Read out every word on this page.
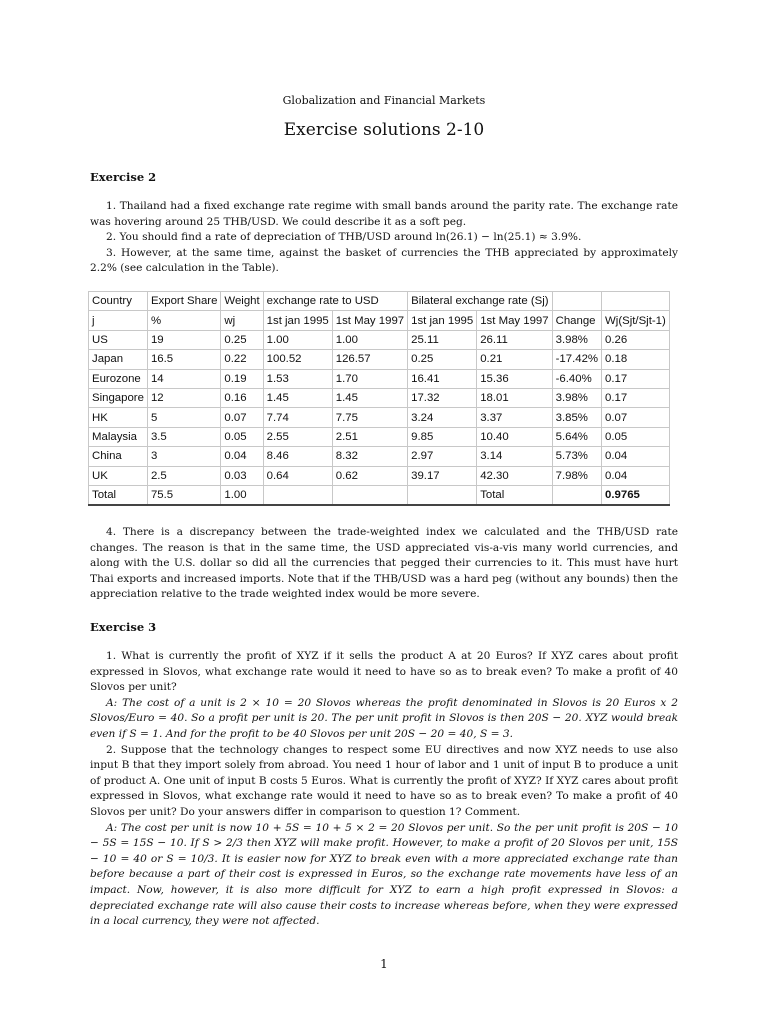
Globalization and Financial Markets
Exercise solutions 2-10
Exercise 2

1. Thailand had a fixed exchange rate regime with small bands around the parity rate. The exchange rate was hovering around 25 THB/USD. We could describe it as a soft peg.

2. You should find a rate of depreciation of THB/USD around ln(26.1) − ln(25.1) ≈ 3.9%.

3. However, at the same time, against the basket of currencies the THB appreciated by approximately 2.2% (see calculation in the Table).

Country	Export Share	Weight	exchange rate to USD		Bilateral exchange rate (Sj)			
j	%	wj	1st jan 1995	1st May 1997	1st jan 1995	1st May 1997	Change	Wj(Sjt/Sjt-1)
US	19	0.25	1.00	1.00	25.11	26.11	3.98%	0.26
Japan	16.5	0.22	100.52	126.57	0.25	0.21	-17.42%	0.18
Eurozone	14	0.19	1.53	1.70	16.41	15.36	-6.40%	0.17
Singapore	12	0.16	1.45	1.45	17.32	18.01	3.98%	0.17
HK	5	0.07	7.74	7.75	3.24	3.37	3.85%	0.07
Malaysia	3.5	0.05	2.55	2.51	9.85	10.40	5.64%	0.05
China	3	0.04	8.46	8.32	2.97	3.14	5.73%	0.04
UK	2.5	0.03	0.64	0.62	39.17	42.30	7.98%	0.04
Total	75.5	1.00				Total		0.9765

4. There is a discrepancy between the trade-weighted index we calculated and the THB/USD rate changes. The reason is that in the same time, the USD appreciated vis-a-vis many world currencies, and along with the U.S. dollar so did all the currencies that pegged their currencies to it. This must have hurt Thai exports and increased imports. Note that if the THB/USD was a hard peg (without any bounds) then the appreciation relative to the trade weighted index would be more severe.

Exercise 3

1. What is currently the profit of XYZ if it sells the product A at 20 Euros? If XYZ cares about profit expressed in Slovos, what exchange rate would it need to have so as to break even? To make a profit of 40 Slovos per unit?

A: The cost of a unit is 2 × 10 = 20 Slovos whereas the profit denominated in Slovos is 20 Euros x 2 Slovos/Euro = 40. So a profit per unit is 20. The per unit profit in Slovos is then 20S − 20. XYZ would break even if S = 1. And for the profit to be 40 Slovos per unit 20S − 20 = 40, S = 3.

2. Suppose that the technology changes to respect some EU directives and now XYZ needs to use also input B that they import solely from abroad. You need 1 hour of labor and 1 unit of input B to produce a unit of product A. One unit of input B costs 5 Euros. What is currently the profit of XYZ? If XYZ cares about profit expressed in Slovos, what exchange rate would it need to have so as to break even? To make a profit of 40 Slovos per unit? Do your answers differ in comparison to question 1? Comment.

A: The cost per unit is now 10 + 5S = 10 + 5 × 2 = 20 Slovos per unit. So the per unit profit is 20S − 10 − 5S = 15S − 10. If S > 2/3 then XYZ will make profit. However, to make a profit of 20 Slovos per unit, 15S − 10 = 40 or S = 10/3. It is easier now for XYZ to break even with a more appreciated exchange rate than before because a part of their cost is expressed in Euros, so the exchange rate movements have less of an impact. Now, however, it is also more difficult for XYZ to earn a high profit expressed in Slovos: a depreciated exchange rate will also cause their costs to increase whereas before, when they were expressed in a local currency, they were not affected.

1
